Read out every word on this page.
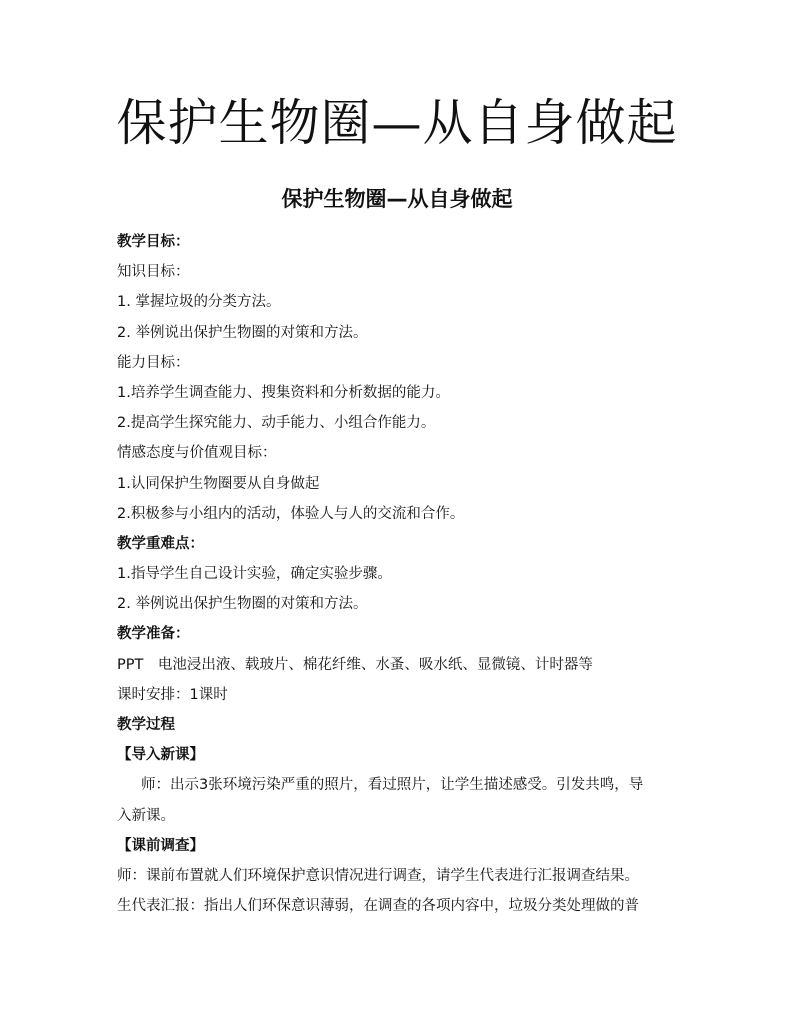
保护生物圈—从自身做起
保护生物圈—从自身做起
教学目标：
知识目标：
1. 掌握垃圾的分类方法。
2. 举例说出保护生物圈的对策和方法。
能力目标：
1.培养学生调查能力、搜集资料和分析数据的能力。
2.提高学生探究能力、动手能力、小组合作能力。
情感态度与价值观目标：
1.认同保护生物圈要从自身做起
2.积极参与小组内的活动，体验人与人的交流和合作。
教学重难点：
1.指导学生自己设计实验，确定实验步骤。
2. 举例说出保护生物圈的对策和方法。
教学准备：
PPT　电池浸出液、载玻片、棉花纤维、水蚤、吸水纸、显微镜、计时器等
课时安排：1课时
教学过程
【导入新课】
师：出示3张环境污染严重的照片，看过照片，让学生描述感受。引发共鸣，导
入新课。
【课前调查】
师：课前布置就人们环境保护意识情况进行调查，请学生代表进行汇报调查结果。
生代表汇报：指出人们环保意识薄弱，在调查的各项内容中，垃圾分类处理做的普
